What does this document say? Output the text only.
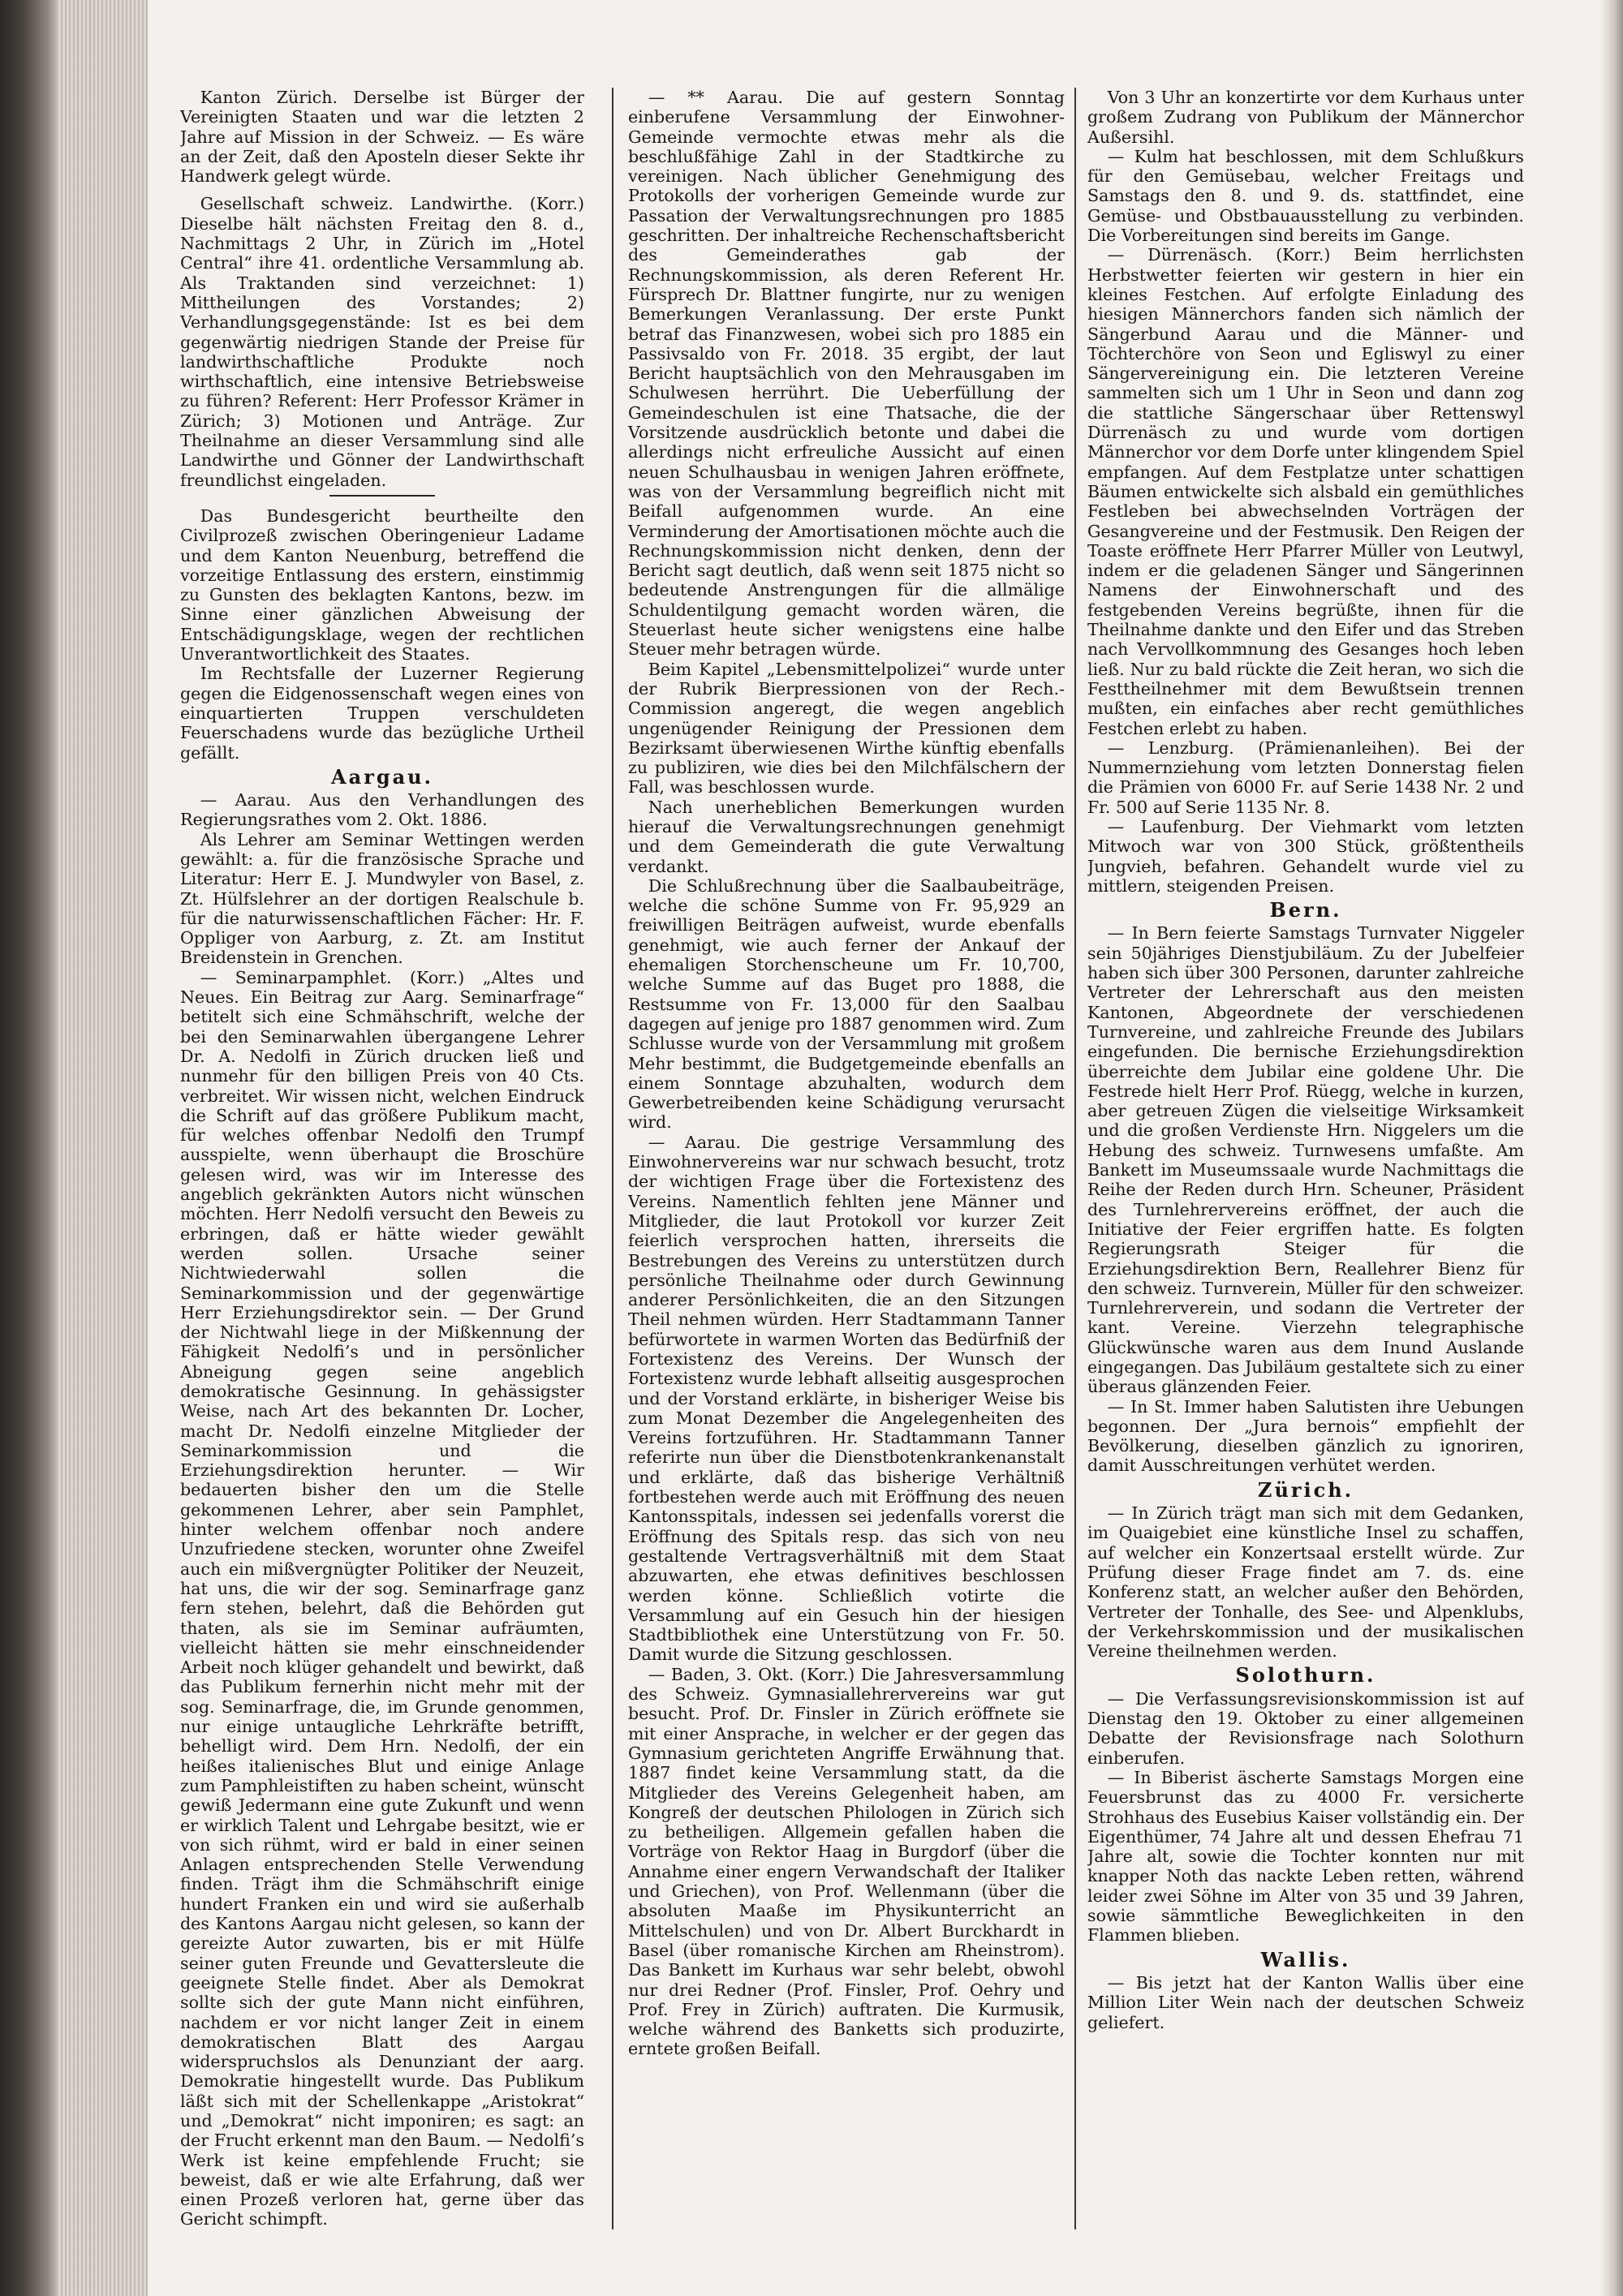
Kanton Zürich. Derselbe ist Bürger der Vereinigten Staaten und war die letzten 2 Jahre auf Mission in der Schweiz. — Es wäre an der Zeit, daß den Aposteln dieser Sekte ihr Handwerk gelegt würde.

Gesellschaft schweiz. Landwirthe. (Korr.) Dieselbe hält nächsten Freitag den 8. d., Nachmittags 2 Uhr, in Zürich im „Hotel Central“ ihre 41. ordentliche Versammlung ab. Als Traktanden sind verzeichnet: 1) Mittheilungen des Vorstandes; 2) Verhandlungsgegenstände: Ist es bei dem gegenwärtig niedrigen Stande der Preise für landwirthschaftliche Produkte noch wirthschaftlich, eine intensive Betriebsweise zu führen? Referent: Herr Professor Krämer in Zürich; 3) Motionen und Anträge. Zur Theilnahme an dieser Versammlung sind alle Landwirthe und Gönner der Landwirthschaft freundlichst eingeladen.

Das Bundesgericht beurtheilte den Civilprozeß zwischen Oberingenieur Ladame und dem Kanton Neuenburg, betreffend die vorzeitige Entlassung des erstern, einstimmig zu Gunsten des beklagten Kantons, bezw. im Sinne einer gänzlichen Abweisung der Entschädigungsklage, wegen der rechtlichen Unverantwortlichkeit des Staates.

Im Rechtsfalle der Luzerner Regierung gegen die Eidgenossenschaft wegen eines von einquartierten Truppen verschuldeten Feuerschadens wurde das bezügliche Urtheil gefällt.

Aargau.

— Aarau. Aus den Verhandlungen des Regierungsrathes vom 2. Okt. 1886.

Als Lehrer am Seminar Wettingen werden gewählt: a. für die französische Sprache und Literatur: Herr E. J. Mundwyler von Basel, z. Zt. Hülfslehrer an der dortigen Realschule b. für die naturwissenschaftlichen Fächer: Hr. F. Oppliger von Aarburg, z. Zt. am Institut Breidenstein in Grenchen.

— Seminarpamphlet. (Korr.) „Altes und Neues. Ein Beitrag zur Aarg. Seminarfrage“ betitelt sich eine Schmähschrift, welche der bei den Seminarwahlen übergangene Lehrer Dr. A. Nedolfi in Zürich drucken ließ und nunmehr für den billigen Preis von 40 Cts. verbreitet. Wir wissen nicht, welchen Eindruck die Schrift auf das größere Publikum macht, für welches offenbar Nedolfi den Trumpf ausspielte, wenn überhaupt die Broschüre gelesen wird, was wir im Interesse des angeblich gekränkten Autors nicht wünschen möchten. Herr Nedolfi versucht den Beweis zu erbringen, daß er hätte wieder gewählt werden sollen. Ursache seiner Nichtwiederwahl sollen die Seminarkommission und der gegenwärtige Herr Erziehungsdirektor sein. — Der Grund der Nichtwahl liege in der Mißkennung der Fähigkeit Nedolfi’s und in persönlicher Abneigung gegen seine angeblich demokratische Gesinnung. In gehässigster Weise, nach Art des bekannten Dr. Locher, macht Dr. Nedolfi einzelne Mitglieder der Seminarkommission und die Erziehungsdirektion herunter. — Wir bedauerten bisher den um die Stelle gekommenen Lehrer, aber sein Pamphlet, hinter welchem offenbar noch andere Unzufriedene stecken, worunter ohne Zweifel auch ein mißvergnügter Politiker der Neuzeit, hat uns, die wir der sog. Seminarfrage ganz fern stehen, belehrt, daß die Behörden gut thaten, als sie im Seminar aufräumten, vielleicht hätten sie mehr einschneidender Arbeit noch klüger gehandelt und bewirkt, daß das Publikum fernerhin nicht mehr mit der sog. Seminarfrage, die, im Grunde genommen, nur einige untaugliche Lehrkräfte betrifft, behelligt wird. Dem Hrn. Nedolfi, der ein heißes italienisches Blut und einige Anlage zum Pamphleistiften zu haben scheint, wünscht gewiß Jedermann eine gute Zukunft und wenn er wirklich Talent und Lehrgabe besitzt, wie er von sich rühmt, wird er bald in einer seinen Anlagen entsprechenden Stelle Verwendung finden. Trägt ihm die Schmähschrift einige hundert Franken ein und wird sie außerhalb des Kantons Aargau nicht gelesen, so kann der gereizte Autor zuwarten, bis er mit Hülfe seiner guten Freunde und Gevattersleute die geeignete Stelle findet. Aber als Demokrat sollte sich der gute Mann nicht einführen, nachdem er vor nicht langer Zeit in einem demokratischen Blatt des Aargau widerspruchslos als Denunziant der aarg. Demokratie hingestellt wurde. Das Publikum läßt sich mit der Schellenkappe „Aristokrat“ und „Demokrat“ nicht imponiren; es sagt: an der Frucht erkennt man den Baum. — Nedolfi’s Werk ist keine empfehlende Frucht; sie beweist, daß er wie alte Erfahrung, daß wer einen Prozeß verloren hat, gerne über das Gericht schimpft.

— ** Aarau. Die auf gestern Sonntag einberufene Versammlung der Einwohner-Gemeinde vermochte etwas mehr als die beschlußfähige Zahl in der Stadtkirche zu vereinigen. Nach üblicher Genehmigung des Protokolls der vorherigen Gemeinde wurde zur Passation der Verwaltungsrechnungen pro 1885 geschritten. Der inhaltreiche Rechenschaftsbericht des Gemeinderathes gab der Rechnungskommission, als deren Referent Hr. Fürsprech Dr. Blattner fungirte, nur zu wenigen Bemerkungen Veranlassung. Der erste Punkt betraf das Finanzwesen, wobei sich pro 1885 ein Passivsaldo von Fr. 2018. 35 ergibt, der laut Bericht hauptsächlich von den Mehrausgaben im Schulwesen herrührt. Die Ueberfüllung der Gemeindeschulen ist eine Thatsache, die der Vorsitzende ausdrücklich betonte und dabei die allerdings nicht erfreuliche Aussicht auf einen neuen Schulhausbau in wenigen Jahren eröffnete, was von der Versammlung begreiflich nicht mit Beifall aufgenommen wurde. An eine Verminderung der Amortisationen möchte auch die Rechnungskommission nicht denken, denn der Bericht sagt deutlich, daß wenn seit 1875 nicht so bedeutende Anstrengungen für die allmälige Schuldentilgung gemacht worden wären, die Steuerlast heute sicher wenigstens eine halbe Steuer mehr betragen würde.

Beim Kapitel „Lebensmittelpolizei“ wurde unter der Rubrik Bierpressionen von der Rech.-Commission angeregt, die wegen angeblich ungenügender Reinigung der Pressionen dem Bezirksamt überwiesenen Wirthe künftig ebenfalls zu publiziren, wie dies bei den Milchfälschern der Fall, was beschlossen wurde.

Nach unerheblichen Bemerkungen wurden hierauf die Verwaltungsrechnungen genehmigt und dem Gemeinderath die gute Verwaltung verdankt.

Die Schlußrechnung über die Saalbaubeiträge, welche die schöne Summe von Fr. 95,929 an freiwilligen Beiträgen aufweist, wurde ebenfalls genehmigt, wie auch ferner der Ankauf der ehemaligen Storchenscheune um Fr. 10,700, welche Summe auf das Buget pro 1888, die Restsumme von Fr. 13,000 für den Saalbau dagegen auf jenige pro 1887 genommen wird. Zum Schlusse wurde von der Versammlung mit großem Mehr bestimmt, die Budgetgemeinde ebenfalls an einem Sonntage abzuhalten, wodurch dem Gewerbetreibenden keine Schädigung verursacht wird.

— Aarau. Die gestrige Versammlung des Einwohnervereins war nur schwach besucht, trotz der wichtigen Frage über die Fortexistenz des Vereins. Namentlich fehlten jene Männer und Mitglieder, die laut Protokoll vor kurzer Zeit feierlich versprochen hatten, ihrerseits die Bestrebungen des Vereins zu unterstützen durch persönliche Theilnahme oder durch Gewinnung anderer Persönlichkeiten, die an den Sitzungen Theil nehmen würden. Herr Stadtammann Tanner befürwortete in warmen Worten das Bedürfniß der Fortexistenz des Vereins. Der Wunsch der Fortexistenz wurde lebhaft allseitig ausgesprochen und der Vorstand erklärte, in bisheriger Weise bis zum Monat Dezember die Angelegenheiten des Vereins fortzuführen. Hr. Stadtammann Tanner referirte nun über die Dienstbotenkrankenanstalt und erklärte, daß das bisherige Verhältniß fortbestehen werde auch mit Eröffnung des neuen Kantonsspitals, indessen sei jedenfalls vorerst die Eröffnung des Spitals resp. das sich von neu gestaltende Vertragsverhältniß mit dem Staat abzuwarten, ehe etwas definitives beschlossen werden könne. Schließlich votirte die Versammlung auf ein Gesuch hin der hiesigen Stadtbibliothek eine Unterstützung von Fr. 50. Damit wurde die Sitzung geschlossen.

— Baden, 3. Okt. (Korr.) Die Jahresversammlung des Schweiz. Gymnasiallehrervereins war gut besucht. Prof. Dr. Finsler in Zürich eröffnete sie mit einer Ansprache, in welcher er der gegen das Gymnasium gerichteten Angriffe Erwähnung that. 1887 findet keine Versammlung statt, da die Mitglieder des Vereins Gelegenheit haben, am Kongreß der deutschen Philologen in Zürich sich zu betheiligen. Allgemein gefallen haben die Vorträge von Rektor Haag in Burgdorf (über die Annahme einer engern Verwandschaft der Italiker und Griechen), von Prof. Wellenmann (über die absoluten Maaße im Physikunterricht an Mittelschulen) und von Dr. Albert Burckhardt in Basel (über romanische Kirchen am Rheinstrom). Das Bankett im Kurhaus war sehr belebt, obwohl nur drei Redner (Prof. Finsler, Prof. Oehry und Prof. Frey in Zürich) auftraten. Die Kurmusik, welche während des Banketts sich produzirte, erntete großen Beifall.

Von 3 Uhr an konzertirte vor dem Kurhaus unter großem Zudrang von Publikum der Männerchor Außersihl.

— Kulm hat beschlossen, mit dem Schlußkurs für den Gemüsebau, welcher Freitags und Samstags den 8. und 9. ds. stattfindet, eine Gemüse- und Obstbauausstellung zu verbinden. Die Vorbereitungen sind bereits im Gange.

— Dürrenäsch. (Korr.) Beim herrlichsten Herbstwetter feierten wir gestern in hier ein kleines Festchen. Auf erfolgte Einladung des hiesigen Männerchors fanden sich nämlich der Sängerbund Aarau und die Männer- und Töchterchöre von Seon und Egliswyl zu einer Sängervereinigung ein. Die letzteren Vereine sammelten sich um 1 Uhr in Seon und dann zog die stattliche Sängerschaar über Rettenswyl Dürrenäsch zu und wurde vom dortigen Männerchor vor dem Dorfe unter klingendem Spiel empfangen. Auf dem Festplatze unter schattigen Bäumen entwickelte sich alsbald ein gemüthliches Festleben bei abwechselnden Vorträgen der Gesangvereine und der Festmusik. Den Reigen der Toaste eröffnete Herr Pfarrer Müller von Leutwyl, indem er die geladenen Sänger und Sängerinnen Namens der Einwohnerschaft und des festgebenden Vereins begrüßte, ihnen für die Theilnahme dankte und den Eifer und das Streben nach Vervollkommnung des Gesanges hoch leben ließ. Nur zu bald rückte die Zeit heran, wo sich die Festtheilnehmer mit dem Bewußtsein trennen mußten, ein einfaches aber recht gemüthliches Festchen erlebt zu haben.

— Lenzburg. (Prämienanleihen). Bei der Nummernziehung vom letzten Donnerstag fielen die Prämien von 6000 Fr. auf Serie 1438 Nr. 2 und Fr. 500 auf Serie 1135 Nr. 8.

— Laufenburg. Der Viehmarkt vom letzten Mitwoch war von 300 Stück, größtentheils Jungvieh, befahren. Gehandelt wurde viel zu mittlern, steigenden Preisen.

Bern.

— In Bern feierte Samstags Turnvater Niggeler sein 50jähriges Dienstjubiläum. Zu der Jubelfeier haben sich über 300 Personen, darunter zahlreiche Vertreter der Lehrerschaft aus den meisten Kantonen, Abgeordnete der verschiedenen Turnvereine, und zahlreiche Freunde des Jubilars eingefunden. Die bernische Erziehungsdirektion überreichte dem Jubilar eine goldene Uhr. Die Festrede hielt Herr Prof. Rüegg, welche in kurzen, aber getreuen Zügen die vielseitige Wirksamkeit und die großen Verdienste Hrn. Niggelers um die Hebung des schweiz. Turnwesens umfaßte. Am Bankett im Museumssaale wurde Nachmittags die Reihe der Reden durch Hrn. Scheuner, Präsident des Turnlehrervereins eröffnet, der auch die Initiative der Feier ergriffen hatte. Es folgten Regierungsrath Steiger für die Erziehungsdirektion Bern, Reallehrer Bienz für den schweiz. Turnverein, Müller für den schweizer. Turnlehrerverein, und sodann die Vertreter der kant. Vereine. Vierzehn telegraphische Glückwünsche waren aus dem Inund Auslande eingegangen. Das Jubiläum gestaltete sich zu einer überaus glänzenden Feier.

— In St. Immer haben Salutisten ihre Uebungen begonnen. Der „Jura bernois“ empfiehlt der Bevölkerung, dieselben gänzlich zu ignoriren, damit Ausschreitungen verhütet werden.

Zürich.

— In Zürich trägt man sich mit dem Gedanken, im Quaigebiet eine künstliche Insel zu schaffen, auf welcher ein Konzertsaal erstellt würde. Zur Prüfung dieser Frage findet am 7. ds. eine Konferenz statt, an welcher außer den Behörden, Vertreter der Tonhalle, des See- und Alpenklubs, der Verkehrskommission und der musikalischen Vereine theilnehmen werden.

Solothurn.

— Die Verfassungsrevisionskommission ist auf Dienstag den 19. Oktober zu einer allgemeinen Debatte der Revisionsfrage nach Solothurn einberufen.

— In Biberist äscherte Samstags Morgen eine Feuersbrunst das zu 4000 Fr. versicherte Strohhaus des Eusebius Kaiser vollständig ein. Der Eigenthümer, 74 Jahre alt und dessen Ehefrau 71 Jahre alt, sowie die Tochter konnten nur mit knapper Noth das nackte Leben retten, während leider zwei Söhne im Alter von 35 und 39 Jahren, sowie sämmtliche Beweglichkeiten in den Flammen blieben.

Wallis.

— Bis jetzt hat der Kanton Wallis über eine Million Liter Wein nach der deutschen Schweiz geliefert.
